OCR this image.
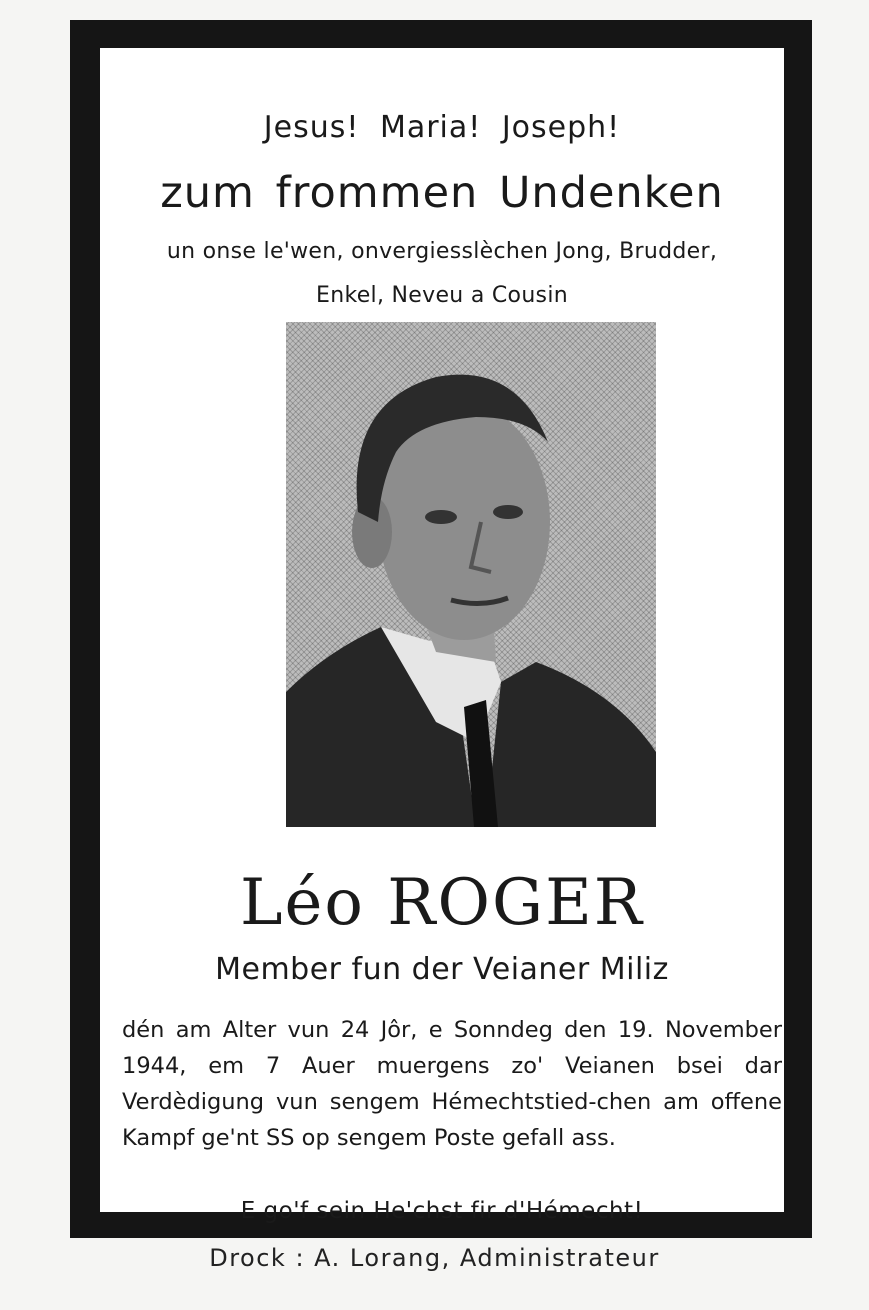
Jesus! Maria! Joseph!
zum frommen Undenken
un onse le'wen, onvergiesslèchen Jong, Brudder,
Enkel, Neveu a Cousin
Léo ROGER
Member fun der Veianer Miliz
dén am Alter vun 24 Jôr, e Sonndeg den 19. November 1944, em 7 Auer muergens zo' Veianen bsei dar Verdèdigung vun sengem Hémechtstied-chen am offene Kampf ge'nt SS op sengem Poste gefall ass.
E go'f sein He'chst fir d'Hémecht!
Drock : A. Lorang, Administrateur
